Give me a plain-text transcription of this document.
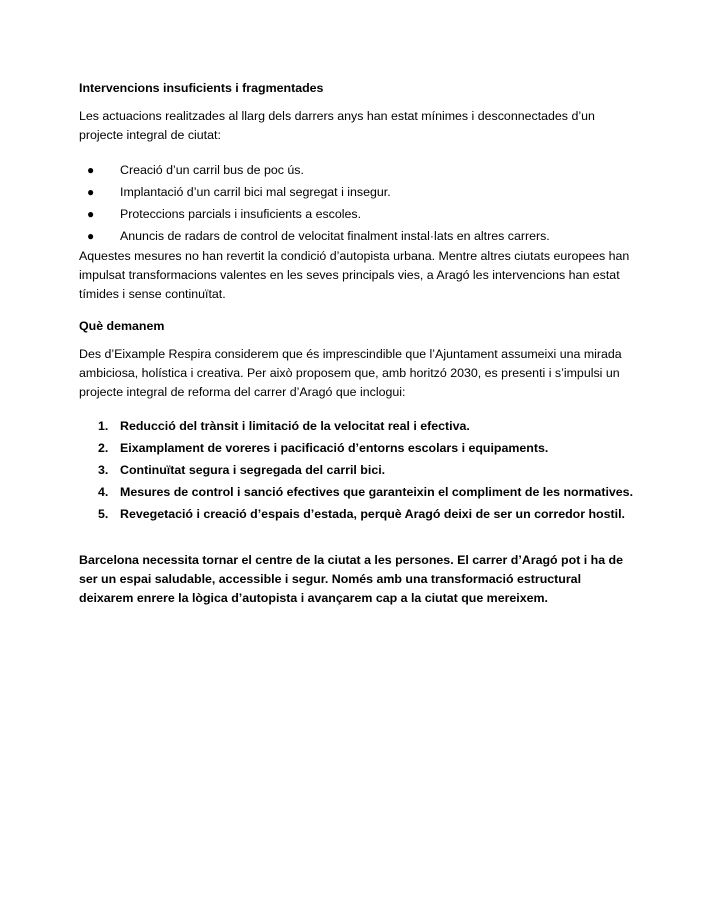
Intervencions insuficients i fragmentades

Les actuacions realitzades al llarg dels darrers anys han estat mínimes i desconnectades d’un projecte integral de ciutat:

● Creació d’un carril bus de poc ús.
● Implantació d’un carril bici mal segregat i insegur.
● Proteccions parcials i insuficients a escoles.
● Anuncis de radars de control de velocitat finalment instal·lats en altres carrers.

Aquestes mesures no han revertit la condició d’autopista urbana. Mentre altres ciutats europees han impulsat transformacions valentes en les seves principals vies, a Aragó les intervencions han estat tímides i sense continuïtat.

Què demanem

Des d’Eixample Respira considerem que és imprescindible que l’Ajuntament assumeixi una mirada ambiciosa, holística i creativa. Per això proposem que, amb horitzó 2030, es presenti i s’impulsi un projecte integral de reforma del carrer d’Aragó que inclogui:

1. Reducció del trànsit i limitació de la velocitat real i efectiva.
2. Eixamplament de voreres i pacificació d’entorns escolars i equipaments.
3. Continuïtat segura i segregada del carril bici.
4. Mesures de control i sanció efectives que garanteixin el compliment de les normatives.
5. Revegetació i creació d’espais d’estada, perquè Aragó deixi de ser un corredor hostil.

Barcelona necessita tornar el centre de la ciutat a les persones. El carrer d’Aragó pot i ha de ser un espai saludable, accessible i segur. Només amb una transformació estructural deixarem enrere la lògica d’autopista i avançarem cap a la ciutat que mereixem.
